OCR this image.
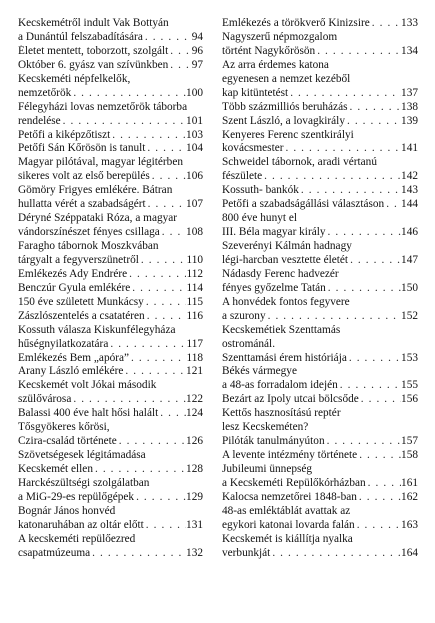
Kecskemétről indult Vak Bottyán
a Dunántúl felszabadítására . . .	94
Életet mentett, toborzott, szolgált . . . 96
Október 6. gyász van szívünkben . . . 97
Kecskeméti népfelkelők,
nemzetőrök . . .	100
Félegyházi lovas nemzetőrök táborba
rendelése . . .	101
Petőfi a kiképzőtiszt . . .	103
Petőfi Sán Kőrösön is tanult . . .	104
Magyar pilótával, magyar légitérben
sikeres volt az első berepülés . . .	106
Gömöry Frigyes emlékére. Bátran
hullatta vérét a szabadságért . . .	107
Déryné Széppataki Róza, a magyar
vándorszínészet fényes csillaga . . . 108
Faragho tábornok Moszkvában
tárgyalt a fegyverszünetről . . .	110
Emlékezés Ady Endrére . . .	112
Benczúr Gyula emlékére . . .	114
150 éve született Munkácsy . . .	115
Zászlószentelés a csatatéren . . .	116
Kossuth válasza Kiskunfélegyháza
hűségnyilatkozatára . . .	117
Emlékezés Bem „apóra” . . .	118
Arany László emlékére . . .	121
Kecskemét volt Jókai második
szülővárosa . . .	122
Balassi 400 éve halt hősi halált . . . 124
Tősgyökeres kőrösi,
Czira-család története . . .	126
Szövetségesek légitámadása
Kecskemét ellen . . .	128
Harckészültségi szolgálatban
a MiG-29-es repülőgépek . . .	129
Bognár János honvéd
katonaruhában az oltár előtt . . .	131
A kecskeméti repülőezred
csapatmúzeuma . . .	132
Emlékezés a törökverő Kinizsire . . .	133
Nagyszerű népmozgalom
történt Nagykőrösön . . .	134
Az arra érdemes katona
egyenesen a nemzet kezéből
kap kitüntetést . . .	137
Több százmilliós beruházás . . .	138
Szent László, a lovagkirály . . .	139
Kenyeres Ferenc szentkirályi
kovácsmester . . .	141
Schweidel tábornok, aradi vértanú
fészülete . . .	142
Kossuth- bankók . . .	143
Petőfi a szabadságállási választáson . . . 144
800 éve hunyt el
III. Béla magyar király . . .	146
Szeverényi Kálmán hadnagy
légi-harcban vesztette életét . . .	147
Nádasdy Ferenc hadvezér
fényes győzelme Tatán . . .	150
A honvédek fontos fegyvere
a szurony . . .	152
Kecskemétiek Szenttamás
ostrománál.
Szenttamási érem históriája . . .	153
Békés vármegye
a 48-as forradalom idején . . .	155
Bezárt az Ipoly utcai bölcsőde . . .	156
Kettős hasznosítású reptér
lesz Kecskeméten?
Pilóták tanulmányúton . . .	157
A levente intézmény története . . .	158
Jubileumi ünnepség
a Kecskeméti Repülőkórházban . . .	161
Kalocsa nemzetőrei 1848-ban . . .	162
48-as emléktáblát avattak az
egykori katonai lovarda falán . . .	163
Kecskemét is kiállítja nyalka
verbunkját . . .	164
